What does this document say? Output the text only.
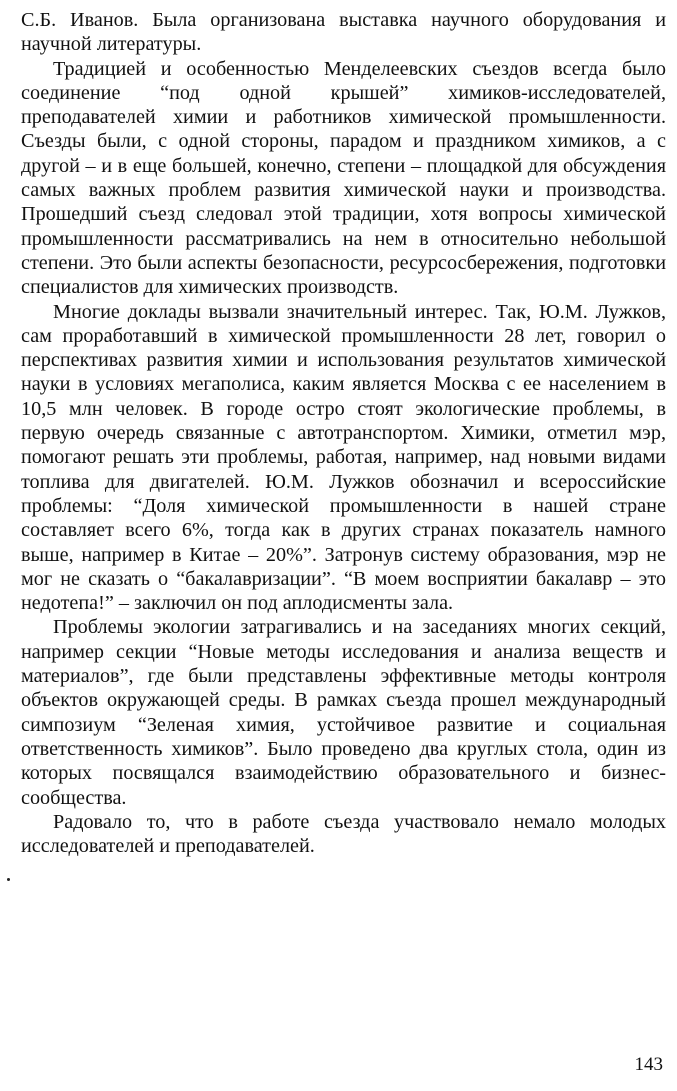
С.Б. Иванов. Была организована выставка научного оборудования и научной литературы.

Традицией и особенностью Менделеевских съездов всегда было соединение “под одной крышей” химиков-исследователей, преподавателей химии и работников химической промышленности. Съезды были, с одной стороны, парадом и праздником химиков, а с другой – и в еще большей, конечно, степени – площадкой для обсуждения самых важных проблем развития химической науки и производства. Прошедший съезд следовал этой традиции, хотя вопросы химической промышленности рассматривались на нем в относительно небольшой степени. Это были аспекты безопасности, ресурсосбережения, подготовки специалистов для химических производств.

Многие доклады вызвали значительный интерес. Так, Ю.М. Лужков, сам проработавший в химической промышленности 28 лет, говорил о перспективах развития химии и использования результатов химической науки в условиях мегаполиса, каким является Москва с ее населением в 10,5 млн человек. В городе остро стоят экологические проблемы, в первую очередь связанные с автотранспортом. Химики, отметил мэр, помогают решать эти проблемы, работая, например, над новыми видами топлива для двигателей. Ю.М. Лужков обозначил и всероссийские проблемы: “Доля химической промышленности в нашей стране составляет всего 6%, тогда как в других странах показатель намного выше, например в Китае – 20%”. Затронув систему образования, мэр не мог не сказать о “бакалавризации”. “В моем восприятии бакалавр – это недотепа!” – заключил он под аплодисменты зала.

Проблемы экологии затрагивались и на заседаниях многих секций, например секции “Новые методы исследования и анализа веществ и материалов”, где были представлены эффективные методы контроля объектов окружающей среды. В рамках съезда прошел международный симпозиум “Зеленая химия, устойчивое развитие и социальная ответственность химиков”. Было проведено два круглых стола, один из которых посвящался взаимодействию образовательного и бизнес-сообщества.

Радовало то, что в работе съезда участвовало немало молодых исследователей и преподавателей.

143
